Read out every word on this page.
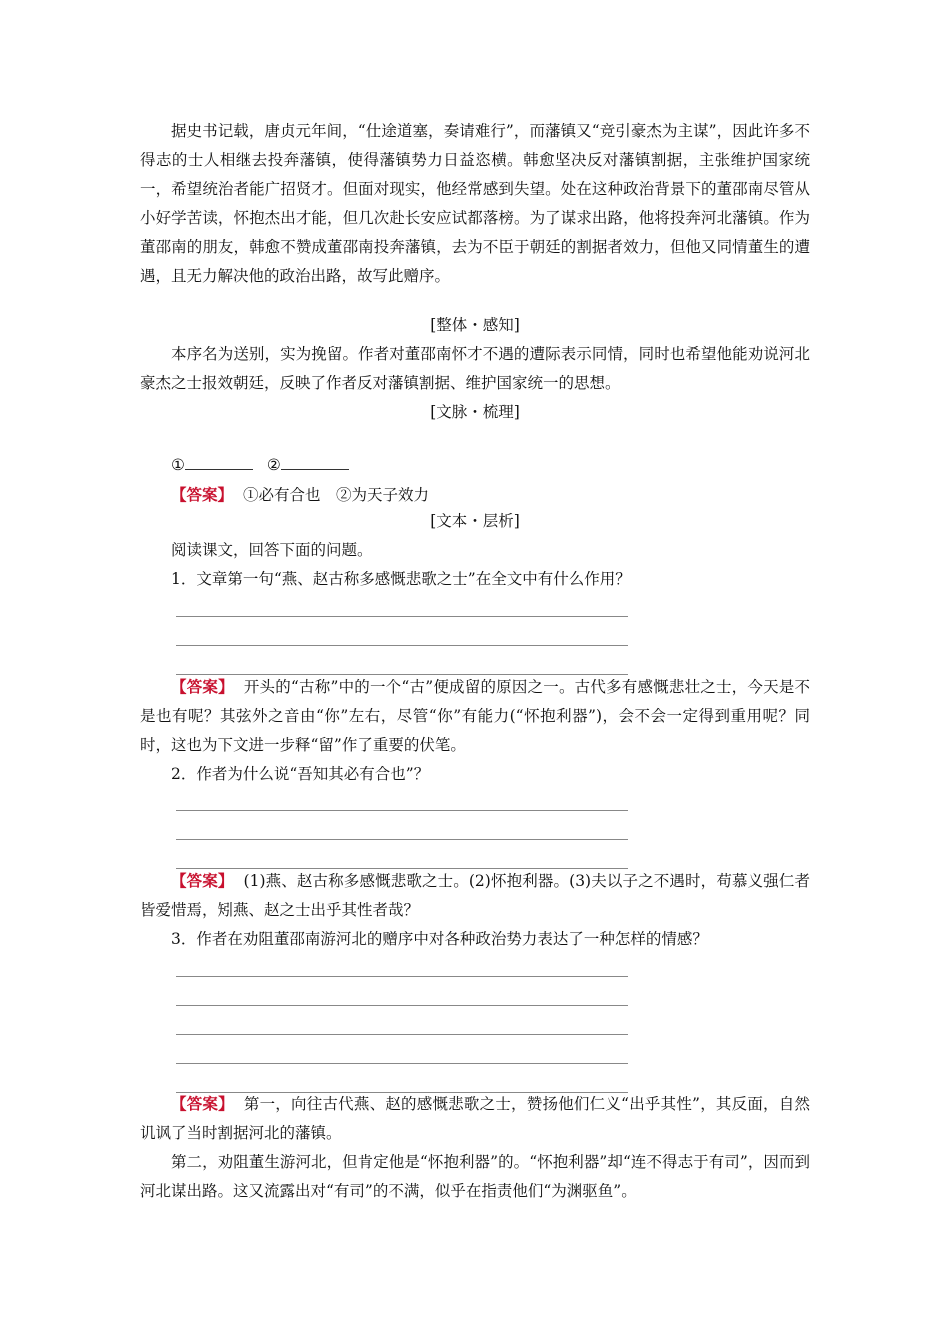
据史书记载，唐贞元年间，“仕途道塞，奏请难行”，而藩镇又“竞引豪杰为主谋”，因此许多不得志的士人相继去投奔藩镇，使得藩镇势力日益恣横。韩愈坚决反对藩镇割据，主张维护国家统一，希望统治者能广招贤才。但面对现实，他经常感到失望。处在这种政治背景下的董邵南尽管从小好学苦读，怀抱杰出才能，但几次赴长安应试都落榜。为了谋求出路，他将投奔河北藩镇。作为董邵南的朋友，韩愈不赞成董邵南投奔藩镇，去为不臣于朝廷的割据者效力，但他又同情董生的遭遇，且无力解决他的政治出路，故写此赠序。

[整体・感知]

本序名为送别，实为挽留。作者对董邵南怀才不遇的遭际表示同情，同时也希望他能劝说河北豪杰之士报效朝廷，反映了作者反对藩镇割据、维护国家统一的思想。

[文脉・梳理]

①	②

【答案】 ①必有合也　②为天子效力

[文本・层析]

阅读课文，回答下面的问题。

1．文章第一句“燕、赵古称多感慨悲歌之士”在全文中有什么作用？

【答案】 开头的“古称”中的一个“古”便成留的原因之一。古代多有感慨悲壮之士，今天是不是也有呢？其弦外之音由“你”左右，尽管“你”有能力(“怀抱利器”)，会不会一定得到重用呢？同时，这也为下文进一步释“留”作了重要的伏笔。

2．作者为什么说“吾知其必有合也”？

【答案】 (1)燕、赵古称多感慨悲歌之士。(2)怀抱利器。(3)夫以子之不遇时，苟慕义强仁者皆爱惜焉，矧燕、赵之士出乎其性者哉？

3．作者在劝阻董邵南游河北的赠序中对各种政治势力表达了一种怎样的情感？

【答案】 第一，向往古代燕、赵的感慨悲歌之士，赞扬他们仁义“出乎其性”，其反面，自然讥讽了当时割据河北的藩镇。

第二，劝阻董生游河北，但肯定他是“怀抱利器”的。“怀抱利器”却“连不得志于有司”，因而到河北谋出路。这又流露出对“有司”的不满，似乎在指责他们“为渊驱鱼”。
